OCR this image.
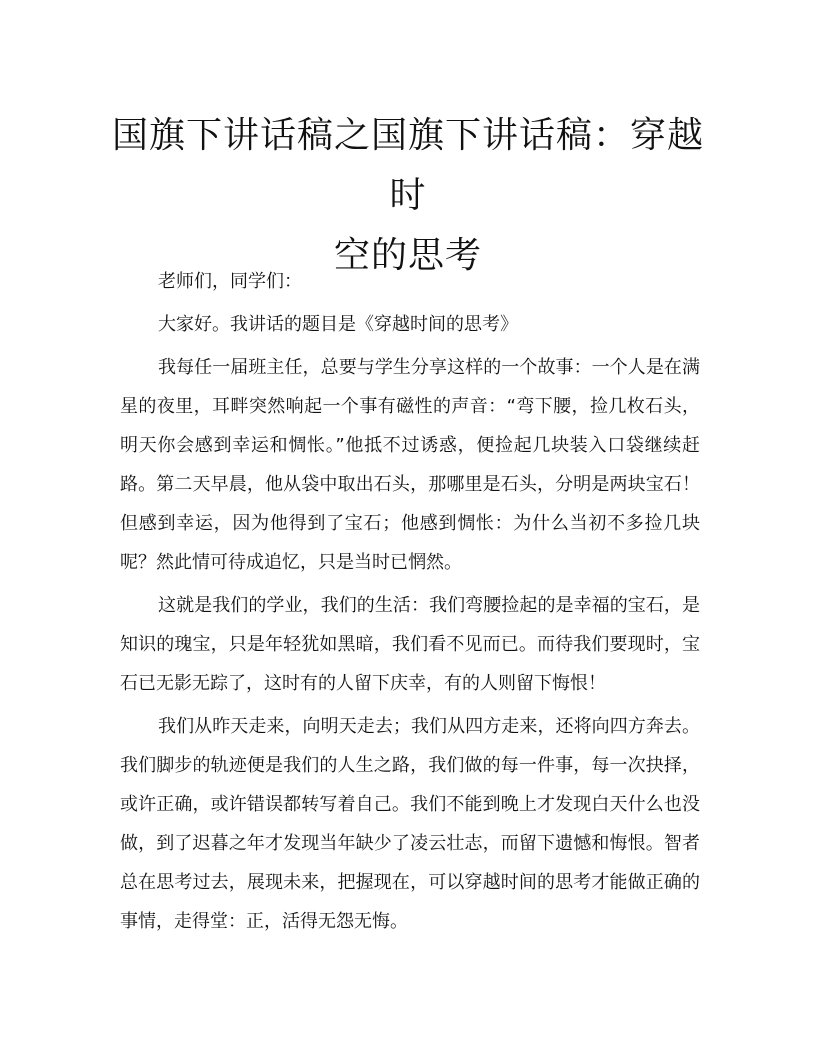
国旗下讲话稿之国旗下讲话稿：穿越时
空的思考

老师们，同学们：

大家好。我讲话的题目是《穿越时间的思考》

我每任一届班主任，总要与学生分享这样的一个故事：一个人是在满星的夜里，耳畔突然响起一个事有磁性的声音：“弯下腰，捡几枚石头，明天你会感到幸运和惆怅。”他抵不过诱惑，便捡起几块装入口袋继续赶路。第二天早晨，他从袋中取出石头，那哪里是石头，分明是两块宝石！但感到幸运，因为他得到了宝石；他感到惆怅：为什么当初不多捡几块呢？然此情可待成追忆，只是当时已惘然。

这就是我们的学业，我们的生活：我们弯腰捡起的是幸福的宝石，是知识的瑰宝，只是年轻犹如黑暗，我们看不见而已。而待我们要现时，宝石已无影无踪了，这时有的人留下庆幸，有的人则留下悔恨！

我们从昨天走来，向明天走去；我们从四方走来，还将向四方奔去。我们脚步的轨迹便是我们的人生之路，我们做的每一件事，每一次抉择，或许正确，或许错误都转写着自己。我们不能到晚上才发现白天什么也没做，到了迟暮之年才发现当年缺少了凌云壮志，而留下遗憾和悔恨。智者总在思考过去，展现未来，把握现在，可以穿越时间的思考才能做正确的事情，走得堂：正，活得无怨无悔。
